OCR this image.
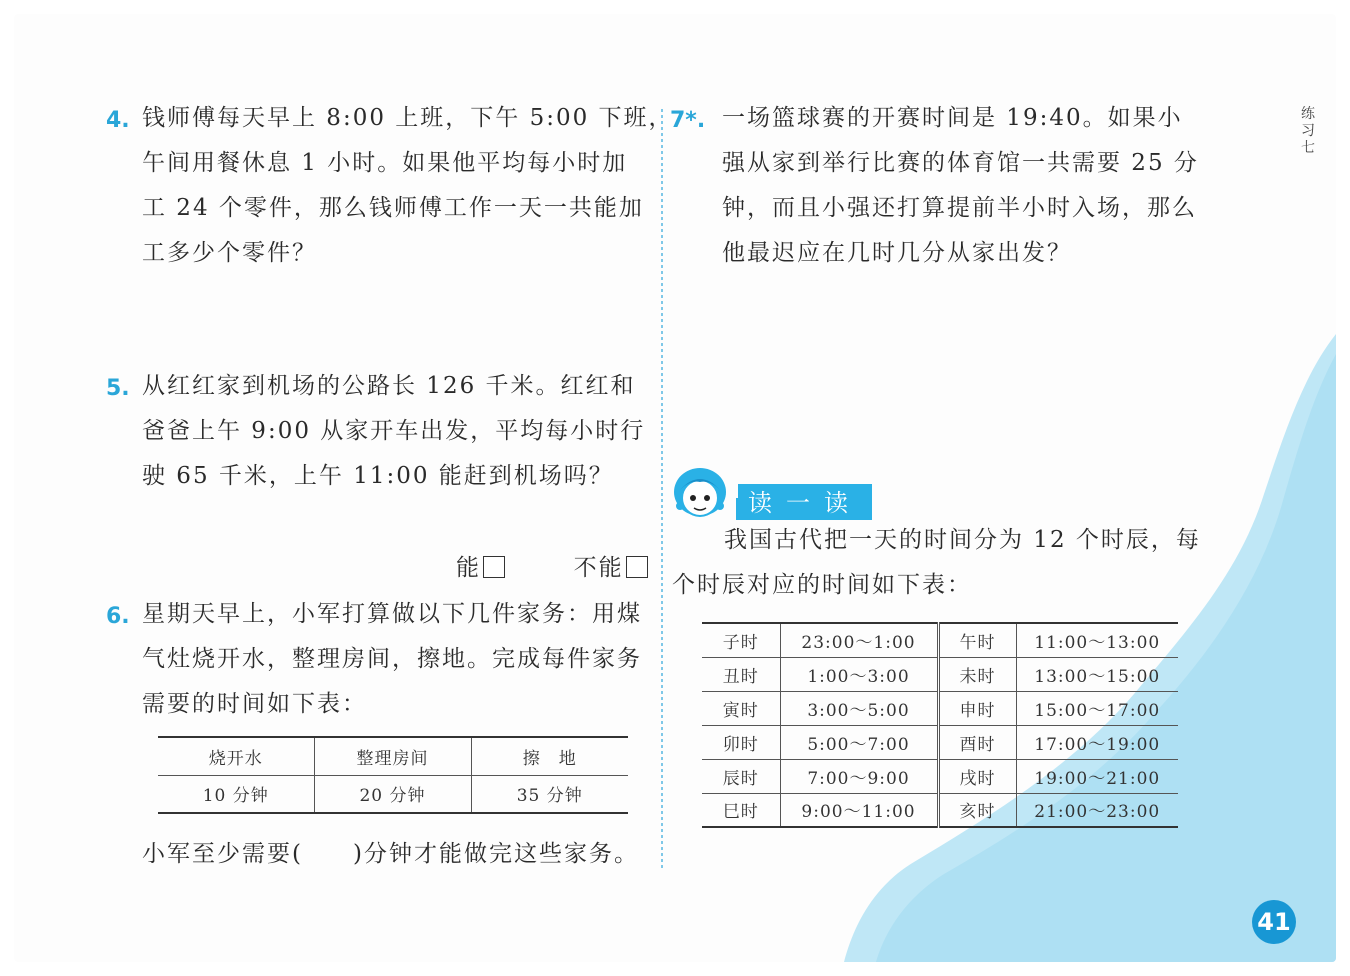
4. 钱师傅每天早上 8:00 上班，下午 5:00 下班，
午间用餐休息 1 小时。如果他平均每小时加
工 24 个零件，那么钱师傅工作一天一共能加
工多少个零件？
5. 从红红家到机场的公路长 126 千米。红红和
爸爸上午 9:00 从家开车出发，平均每小时行
驶 65 千米，上午 11:00 能赶到机场吗？
能	不能
6. 星期天早上，小军打算做以下几件家务：用煤
气灶烧开水，整理房间，擦地。完成每件家务
需要的时间如下表：
烧开水	整理房间	擦　地
10 分钟	20 分钟	35 分钟
小军至少需要(　　)分钟才能做完这些家务。
7*. 一场篮球赛的开赛时间是 19:40。如果小
强从家到举行比赛的体育馆一共需要 25 分
钟，而且小强还打算提前半小时入场，那么
他最迟应在几时几分从家出发？
读一读
我国古代把一天的时间分为 12 个时辰，每
个时辰对应的时间如下表：
子时	23:00～1:00	午时	11:00～13:00
丑时	1:00～3:00	未时	13:00～15:00
寅时	3:00～5:00	申时	15:00～17:00
卯时	5:00～7:00	酉时	17:00～19:00
辰时	7:00～9:00	戌时	19:00～21:00
巳时	9:00～11:00	亥时	21:00～23:00
练习七
41
